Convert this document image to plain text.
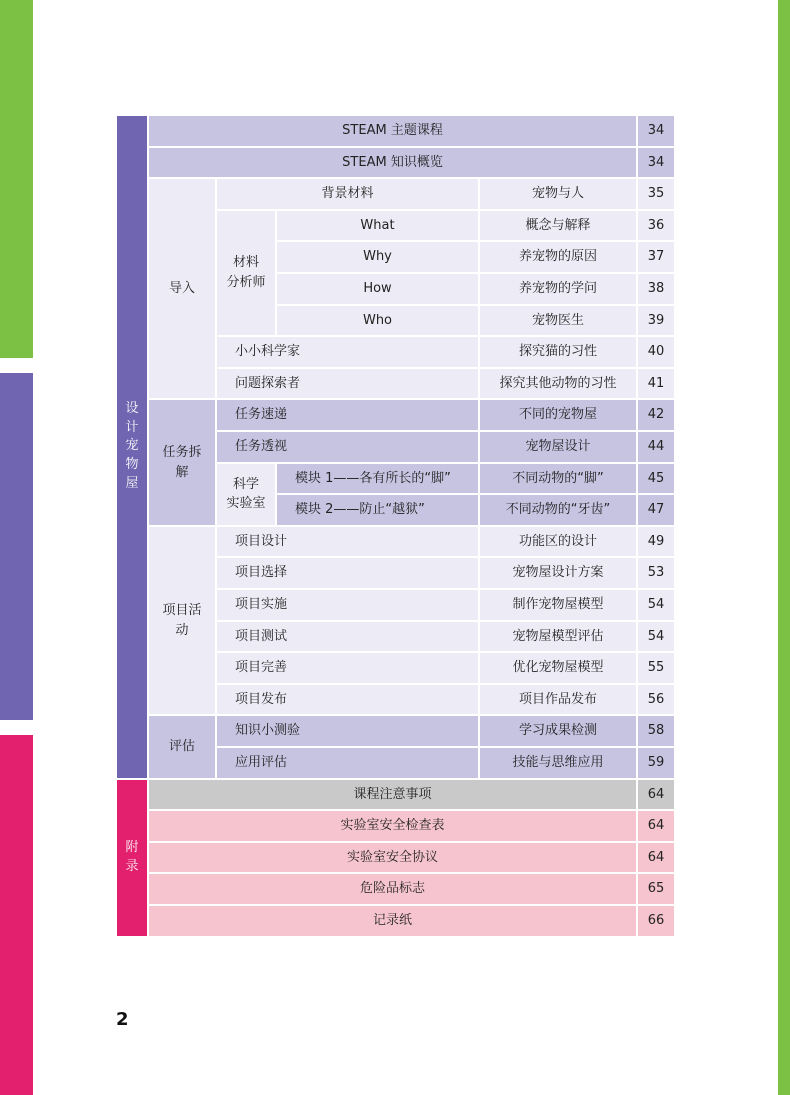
设计宠物屋
附录
STEAM 主题课程	34
STEAM 知识概览	34
导入
材料
分析师
任务拆
解
科学
实验室
项目活
动
评估
背景材料	宠物与人	35
What	概念与解释	36
Why	养宠物的原因	37
How	养宠物的学问	38
Who	宠物医生	39
小小科学家	探究猫的习性	40
问题探索者	探究其他动物的习性 41
任务速递	不同的宠物屋	42
任务透视	宠物屋设计	44
模块 1——各有所长的“脚”	不同动物的“脚”	45
模块 2——防止“越狱”	不同动物的“牙齿”	47
项目设计	功能区的设计	49
项目选择	宠物屋设计方案	53
项目实施	制作宠物屋模型	54
项目测试	宠物屋模型评估	54
项目完善	优化宠物屋模型	55
项目发布	项目作品发布	56
知识小测验	学习成果检测	58
应用评估	技能与思维应用	59
课程注意事项	64
实验室安全检查表	64
实验室安全协议	64
危险品标志	65
记录纸	66
2
